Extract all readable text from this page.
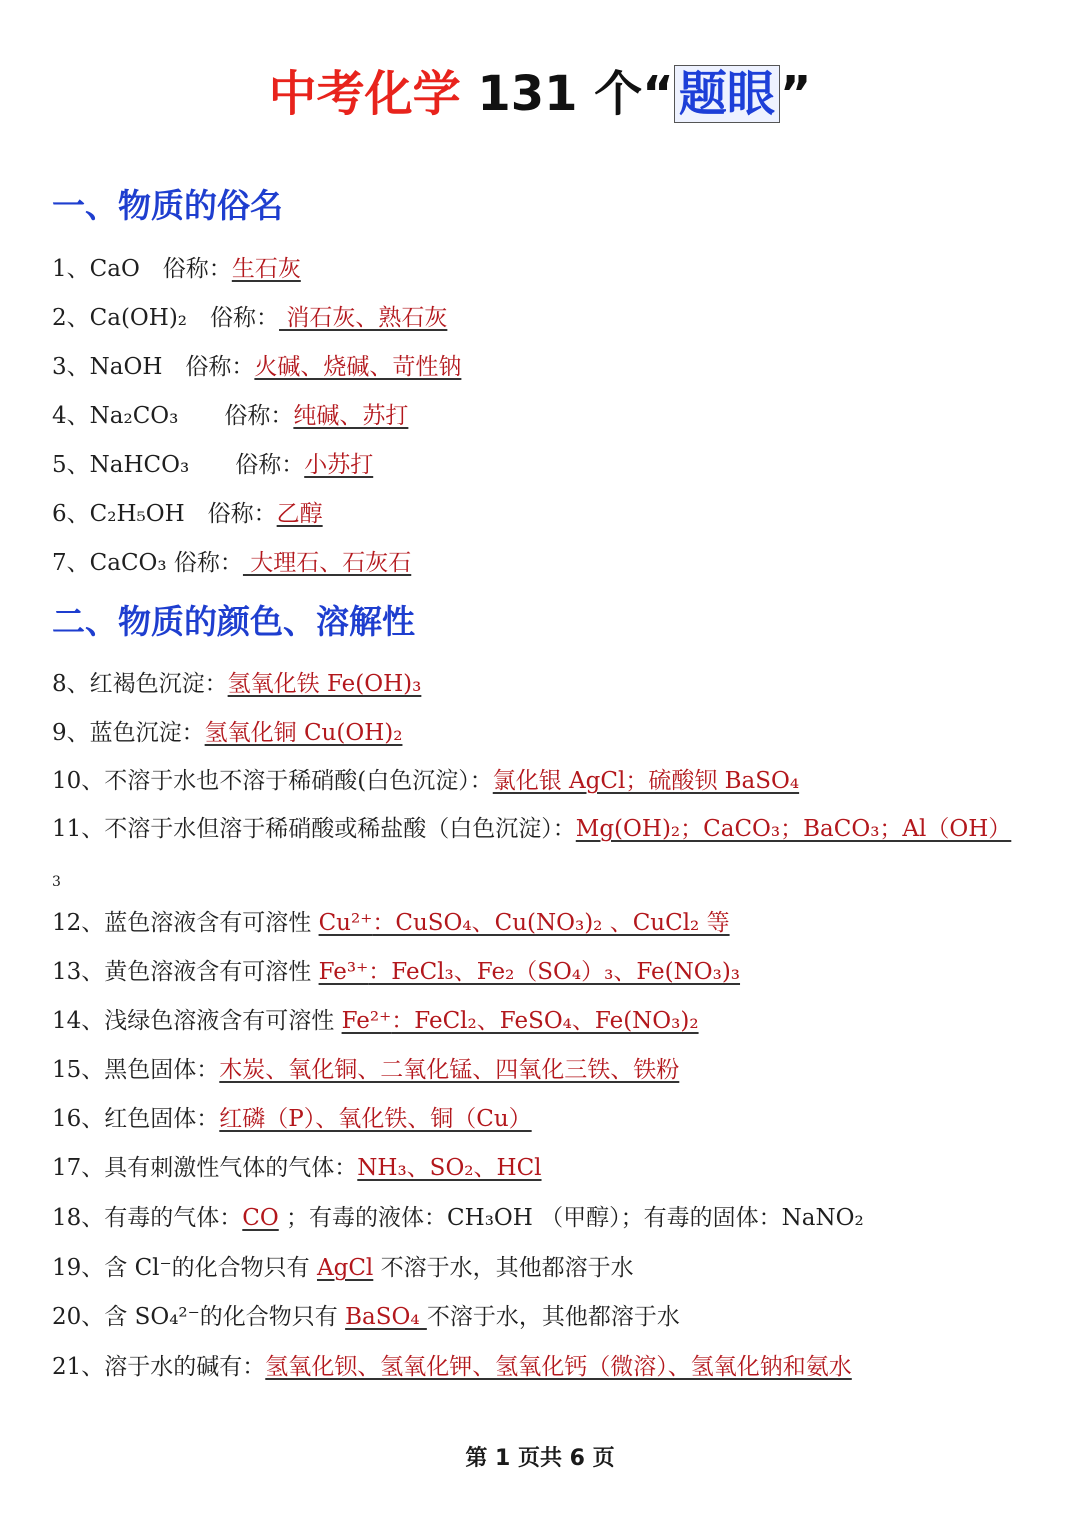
中考化学 131 个“ 题眼 ”
一、物质的俗名
1、CaO　俗称：生石灰
2、Ca(OH)₂　俗称： 消石灰、熟石灰
3、NaOH　俗称：火碱、烧碱、苛性钠
4、Na₂CO₃　　俗称：纯碱、苏打
5、NaHCO₃　　俗称：小苏打
6、C₂H₅OH　俗称：乙醇
7、CaCO₃ 俗称： 大理石、石灰石
二、物质的颜色、溶解性
8、红褐色沉淀：氢氧化铁 Fe(OH)₃
9、蓝色沉淀：氢氧化铜 Cu(OH)₂
10、不溶于水也不溶于稀硝酸(白色沉淀）：氯化银 AgCl；硫酸钡 BaSO₄
11、不溶于水但溶于稀硝酸或稀盐酸（白色沉淀）：Mg(OH)₂；CaCO₃；BaCO₃；Al（OH）
3
12、蓝色溶液含有可溶性 Cu²⁺：CuSO₄、Cu(NO₃)₂ 、CuCl₂ 等
13、黄色溶液含有可溶性 Fe³⁺：FeCl₃、Fe₂（SO₄）₃、Fe(NO₃)₃
14、浅绿色溶液含有可溶性 Fe²⁺：FeCl₂、FeSO₄、Fe(NO₃)₂
15、黑色固体：木炭、氧化铜、二氧化锰、四氧化三铁、铁粉
16、红色固体：红磷（P）、氧化铁、铜（Cu）
17、具有刺激性气体的气体：NH₃、SO₂、HCl
18、有毒的气体：CO ；有毒的液体：CH₃OH （甲醇）；有毒的固体：NaNO₂
19、含 Cl⁻的化合物只有 AgCl 不溶于水，其他都溶于水
20、含 SO₄²⁻的化合物只有 BaSO₄ 不溶于水，其他都溶于水
21、溶于水的碱有：氢氧化钡、氢氧化钾、氢氧化钙（微溶）、氢氧化钠和氨水
第 1 页共 6 页
